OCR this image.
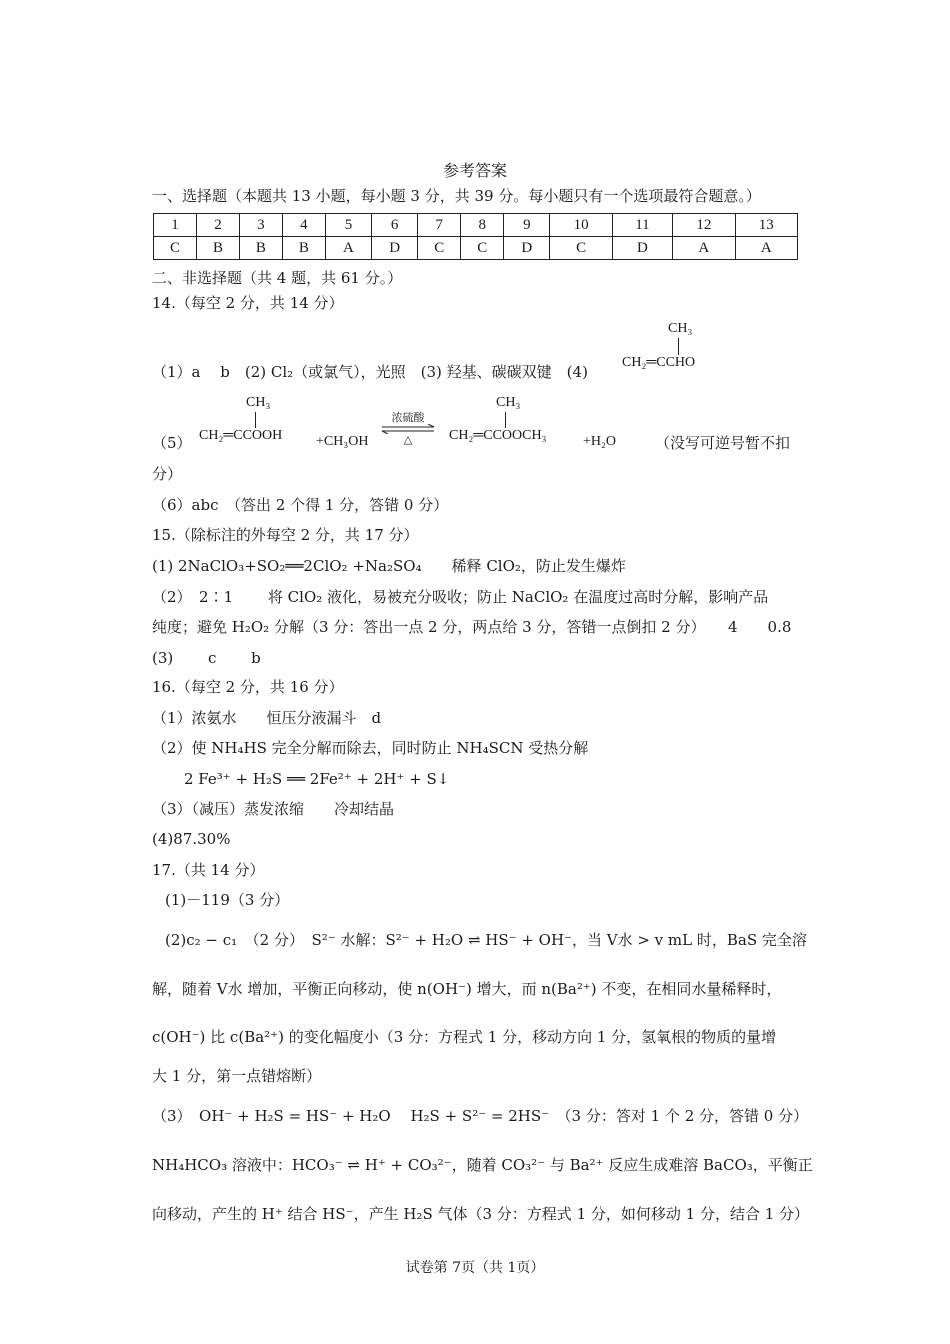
参考答案
一、选择题（本题共 13 小题，每小题 3 分，共 39 分。每小题只有一个选项最符合题意。）
1	2	3	4	5	6	7	8	9	10	11	12	13
C	B	B	B	A	D	C	C	D	C	D	A	A
二、非选择题（共 4 题，共 61 分。）
14.（每空 2 分，共 14 分）
（1）a　 b　(2) Cl₂（或氯气），光照　(3) 羟基、碳碳双键　(4)
CH₃
CH₂═CCHO
（5）
CH₃
CH₂═CCOOH +CH₃OH
浓硫酸
△
CH₃
CH₂═CCOOCH₃	+H₂O	（没写可逆号暂不扣
分）
（6）abc　（答出 2 个得 1 分，答错 0 分）
15.（除标注的外每空 2 分，共 17 分）
(1) 2NaClO₃+SO₂══2ClO₂ +Na₂SO₄　　稀释 ClO₂，防止发生爆炸
（2）　2∶1　　 将 ClO₂ 液化，易被充分吸收；防止 NaClO₂ 在温度过高时分解，影响产品
纯度；避免 H₂O₂ 分解（3 分：答出一点 2 分，两点给 3 分，答错一点倒扣 2 分）　　4　　0.8
(3)　　 c　　 b
16.（每空 2 分，共 16 分）
（1）浓氨水　　恒压分液漏斗　d
（2）使 NH₄HS 完全分解而除去，同时防止 NH₄SCN 受热分解
2 Fe³⁺ + H₂S ══ 2Fe²⁺ + 2H⁺ + S↓
（3）（减压）蒸发浓缩　　冷却结晶
(4)87.30%
17.（共 14 分）
(1)－119（3 分）
(2)c₂ − c₁　（2 分）　S²⁻ 水解：S²⁻ + H₂O ⇌ HS⁻ + OH⁻，当 V水 > v mL 时，BaS 完全溶
解，随着 V水 增加，平衡正向移动，使 n(OH⁻) 增大，而 n(Ba²⁺) 不变，在相同水量稀释时，
c(OH⁻) 比 c(Ba²⁺) 的变化幅度小（3 分：方程式 1 分，移动方向 1 分，氢氧根的物质的量增
大 1 分，第一点错熔断）
（3）　OH⁻ + H₂S = HS⁻ + H₂O　 H₂S + S²⁻ = 2HS⁻　（3 分：答对 1 个 2 分，答错 0 分）
NH₄HCO₃ 溶液中：HCO₃⁻ ⇌ H⁺ + CO₃²⁻，随着 CO₃²⁻ 与 Ba²⁺ 反应生成难溶 BaCO₃，平衡正
向移动，产生的 H⁺ 结合 HS⁻，产生 H₂S 气体（3 分：方程式 1 分，如何移动 1 分，结合 1 分）
试卷第 7页（共 1页）
